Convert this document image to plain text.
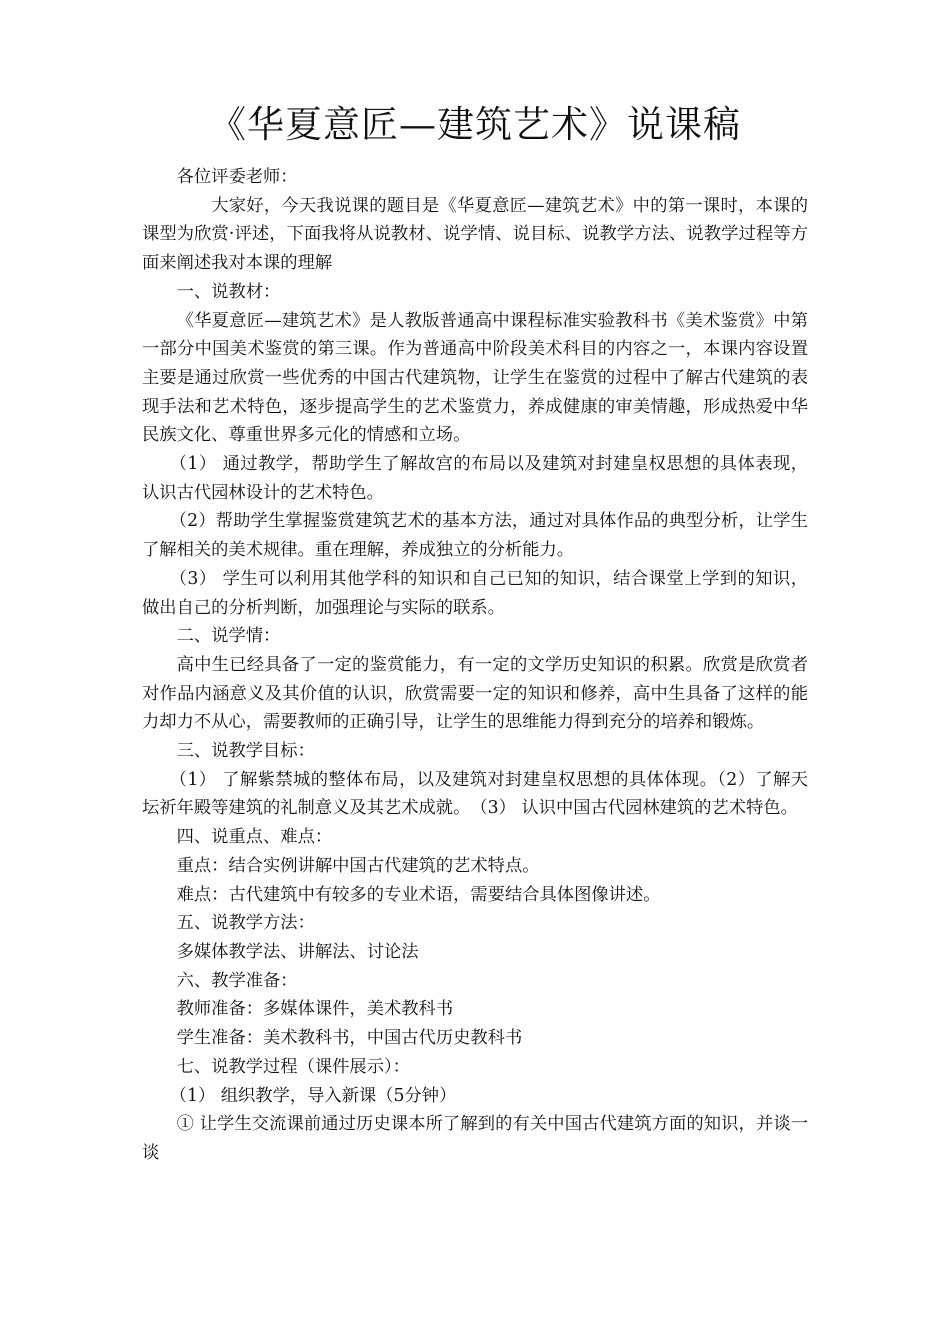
《华夏意匠—建筑艺术》说课稿

各位评委老师：

大家好，今天我说课的题目是《华夏意匠—建筑艺术》中的第一课时，本课的课型为欣赏·评述，下面我将从说教材、说学情、说目标、说教学方法、说教学过程等方面来阐述我对本课的理解

一、说教材：

《华夏意匠—建筑艺术》是人教版普通高中课程标准实验教科书《美术鉴赏》中第一部分中国美术鉴赏的第三课。作为普通高中阶段美术科目的内容之一，本课内容设置主要是通过欣赏一些优秀的中国古代建筑物，让学生在鉴赏的过程中了解古代建筑的表现手法和艺术特色，逐步提高学生的艺术鉴赏力，养成健康的审美情趣，形成热爱中华民族文化、尊重世界多元化的情感和立场。

（1） 通过教学，帮助学生了解故宫的布局以及建筑对封建皇权思想的具体表现，认识古代园林设计的艺术特色。

（2）帮助学生掌握鉴赏建筑艺术的基本方法，通过对具体作品的典型分析，让学生了解相关的美术规律。重在理解，养成独立的分析能力。

（3） 学生可以利用其他学科的知识和自己已知的知识，结合课堂上学到的知识，做出自己的分析判断，加强理论与实际的联系。

二、说学情：

高中生已经具备了一定的鉴赏能力，有一定的文学历史知识的积累。欣赏是欣赏者对作品内涵意义及其价值的认识，欣赏需要一定的知识和修养，高中生具备了这样的能力却力不从心，需要教师的正确引导，让学生的思维能力得到充分的培养和锻炼。

三、说教学目标：

（1） 了解紫禁城的整体布局，以及建筑对封建皇权思想的具体体现。（2）了解天坛祈年殿等建筑的礼制意义及其艺术成就。　（3） 认识中国古代园林建筑的艺术特色。

四、说重点、难点：

重点：结合实例讲解中国古代建筑的艺术特点。

难点：古代建筑中有较多的专业术语，需要结合具体图像讲述。

五、说教学方法：

多媒体教学法、讲解法、讨论法

六、教学准备：

教师准备：多媒体课件，美术教科书

学生准备：美术教科书，中国古代历史教科书

七、说教学过程（课件展示）：

（1） 组织教学，导入新课（5分钟）

① 让学生交流课前通过历史课本所了解到的有关中国古代建筑方面的知识，并谈一谈
